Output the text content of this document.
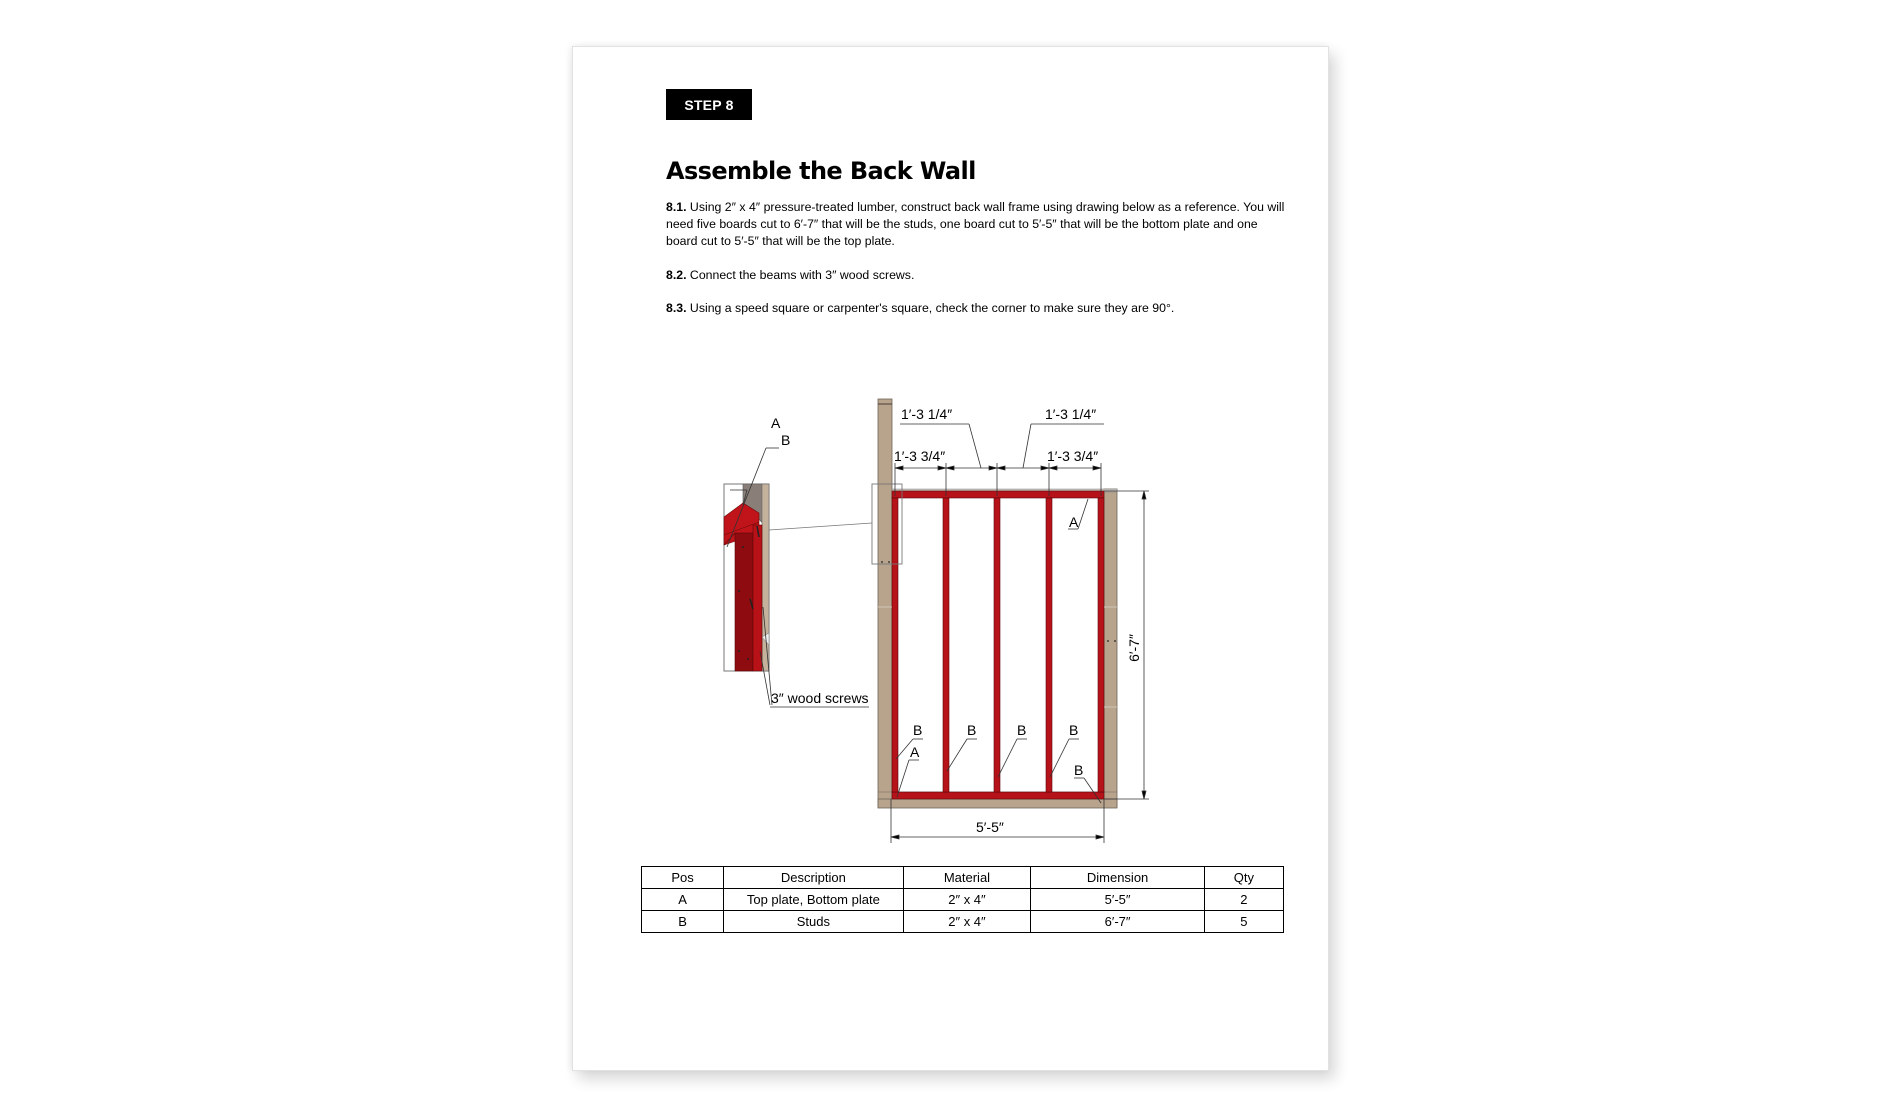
STEP 8
Assemble the Back Wall

8.1. Using 2″ x 4″ pressure-treated lumber, construct back wall frame using drawing below as a reference. You will need five boards cut to 6′-7″ that will be the studs, one board cut to 5′-5″ that will be the bottom plate and one board cut to 5′-5″ that will be the top plate.

8.2. Connect the beams with 3″ wood screws.

8.3. Using a speed square or carpenter's square, check the corner to make sure they are 90°.

A
B
3″ wood screws
1′-3 1/4″	1′-3 1/4″
1′-3 3/4″	1′-3 3/4″
5′-5″
6′-7″
A
A
B	B	B	B
B
Pos	Description	Material	Dimension	Qty
A	Top plate, Bottom plate	2″ x 4″	5′-5″	2
B	Studs	2″ x 4″	6′-7″	5
